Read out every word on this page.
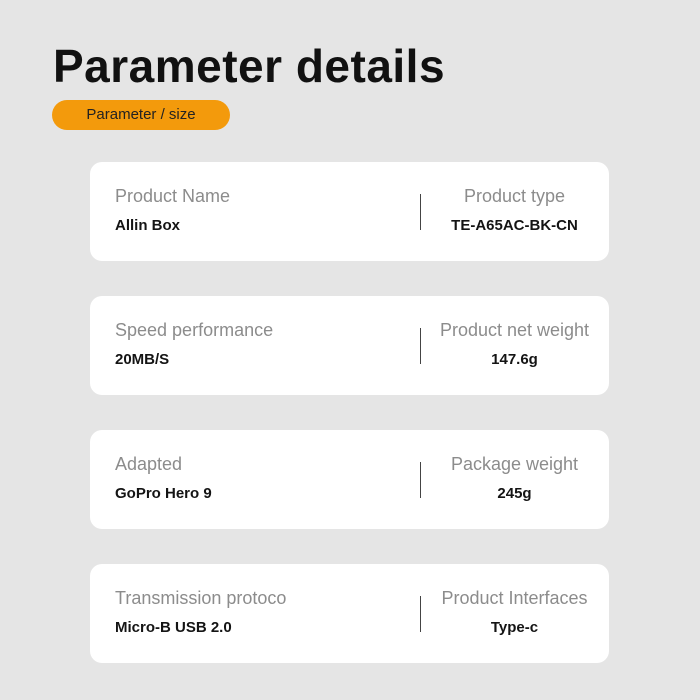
Parameter details
Parameter / size
Product Name
Allin Box
Product type
TE-A65AC-BK-CN
Speed performance
20MB/S
Product net weight
147.6g
Adapted
GoPro Hero 9
Package weight
245g
Transmission protoco
Micro-B USB 2.0
Product Interfaces
Type-c
